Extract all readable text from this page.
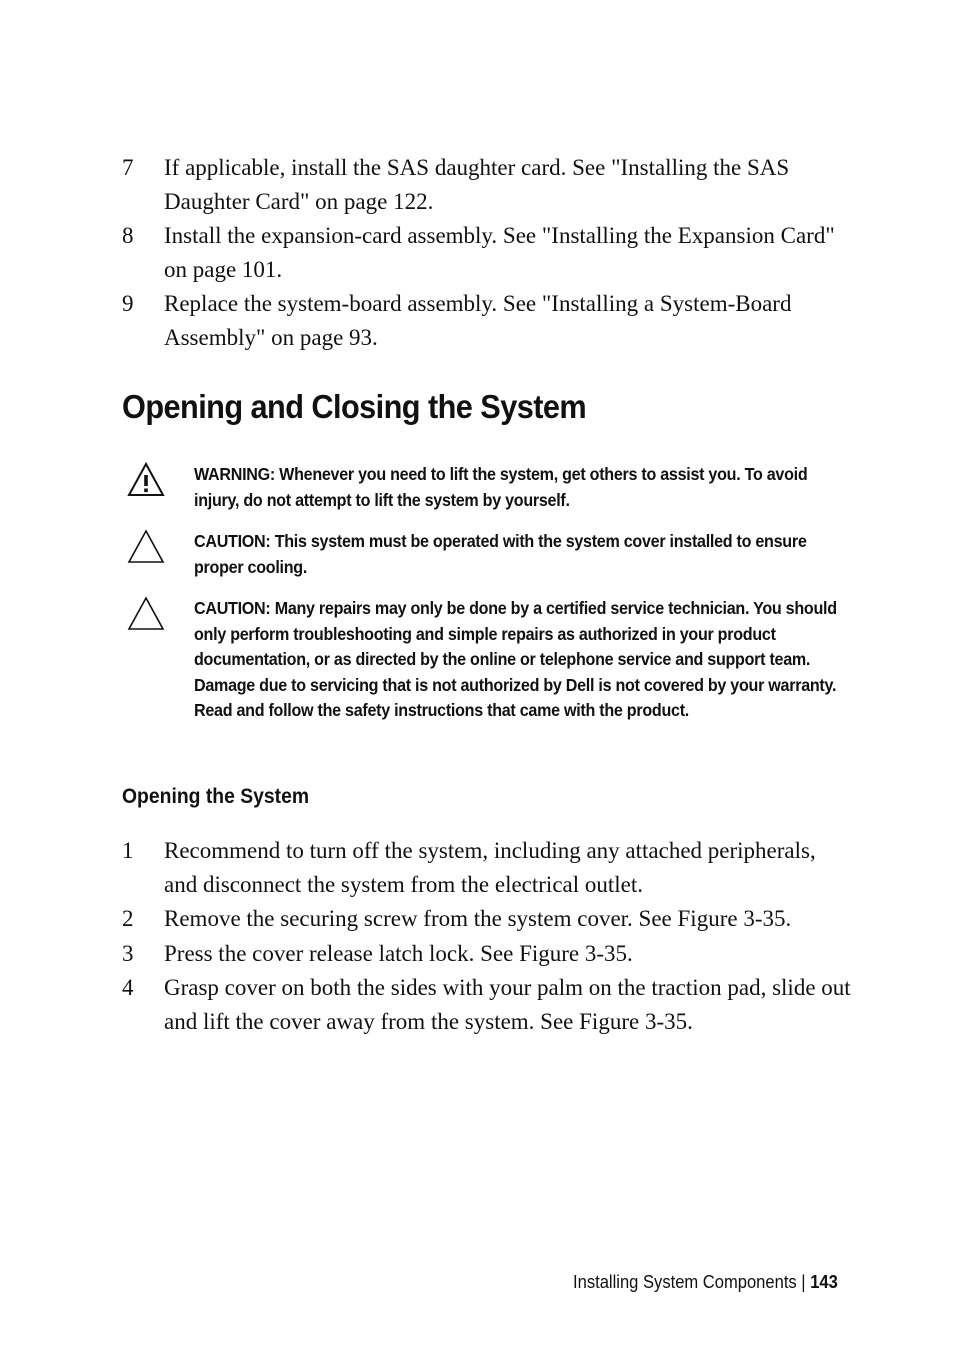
7 If applicable, install the SAS daughter card. See "Installing the SAS Daughter Card" on page 122.
8 Install the expansion-card assembly. See "Installing the Expansion Card" on page 101.
9 Replace the system-board assembly. See "Installing a System-Board Assembly" on page 93.
Opening and Closing the System
WARNING: Whenever you need to lift the system, get others to assist you. To avoid injury, do not attempt to lift the system by yourself.
CAUTION: This system must be operated with the system cover installed to ensure proper cooling.
CAUTION: Many repairs may only be done by a certified service technician. You should only perform troubleshooting and simple repairs as authorized in your product documentation, or as directed by the online or telephone service and support team. Damage due to servicing that is not authorized by Dell is not covered by your warranty. Read and follow the safety instructions that came with the product.
Opening the System
1 Recommend to turn off the system, including any attached peripherals, and disconnect the system from the electrical outlet.
2 Remove the securing screw from the system cover. See Figure 3-35.
3 Press the cover release latch lock. See Figure 3-35.
4 Grasp cover on both the sides with your palm on the traction pad, slide out and lift the cover away from the system. See Figure 3-35.
Installing System Components | 143
